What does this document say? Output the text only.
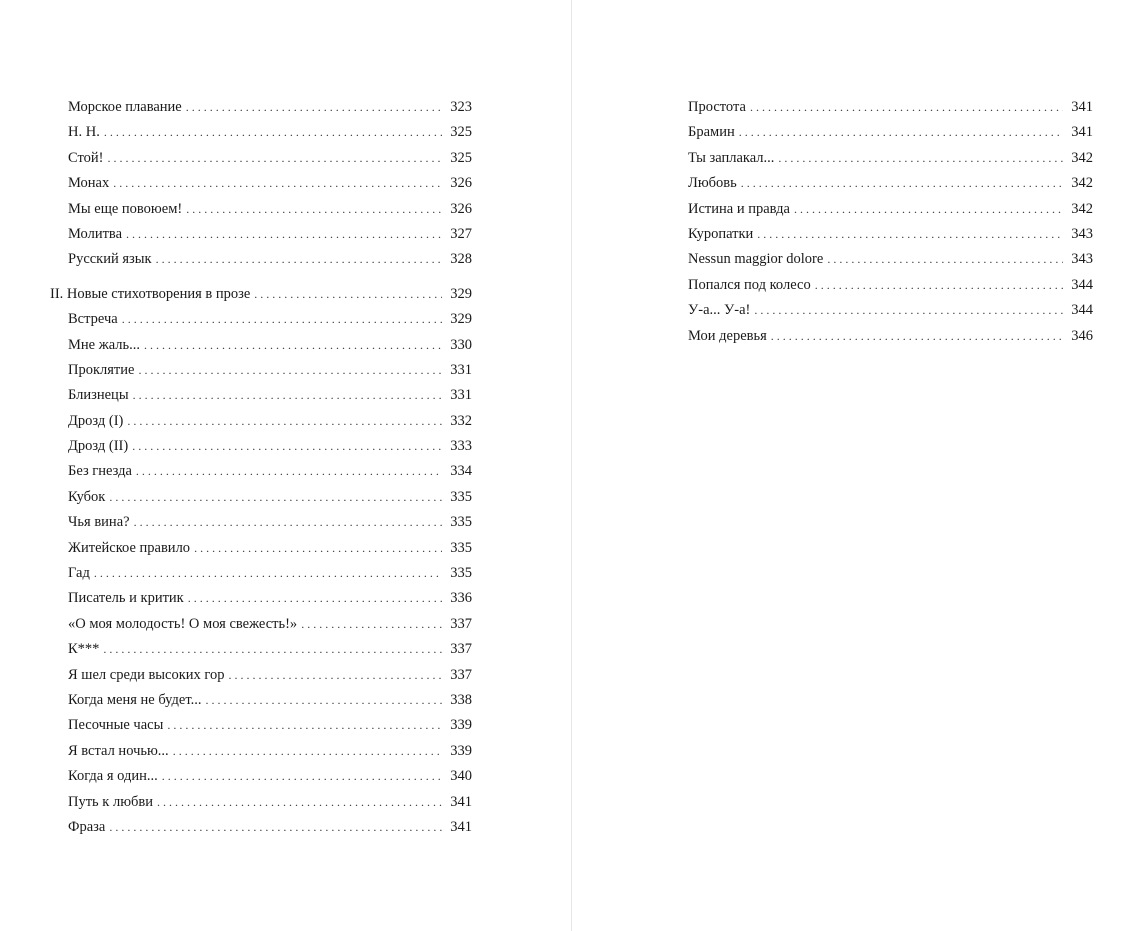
Морское плавание . . .	323
Н. Н. . . .	325
Стой! . . .	325
Монах . . .	326
Мы еще повоюем! . . .	326
Молитва . . .	327
Русский язык . . .	328
II. Новые стихотворения в прозе . . .	329
Встреча . . .	329
Мне жаль... . . .	330
Проклятие . . .	331
Близнецы . . .	331
Дрозд (I) . . .	332
Дрозд (II) . . .	333
Без гнезда . . .	334
Кубок . . .	335
Чья вина? . . .	335
Житейское правило . . .	335
Гад . . .	335
Писатель и критик . . .	336
«О моя молодость! О моя свежесть!» . . .	337
К*** . . .	337
Я шел среди высоких гор . . .	337
Когда меня не будет... . . .	338
Песочные часы . . .	339
Я встал ночью... . . .	339
Когда я один... . . .	340
Путь к любви . . .	341
Фраза . . .	341
Простота . . .	341
Брамин . . .	341
Ты заплакал... . . .	342
Любовь . . .	342
Истина и правда . . .	342
Куропатки . . .	343
Nessun maggior dolore . . .	343
Попался под колесо . . .	344
У-а... У-а! . . .	344
Мои деревья . . .	346
